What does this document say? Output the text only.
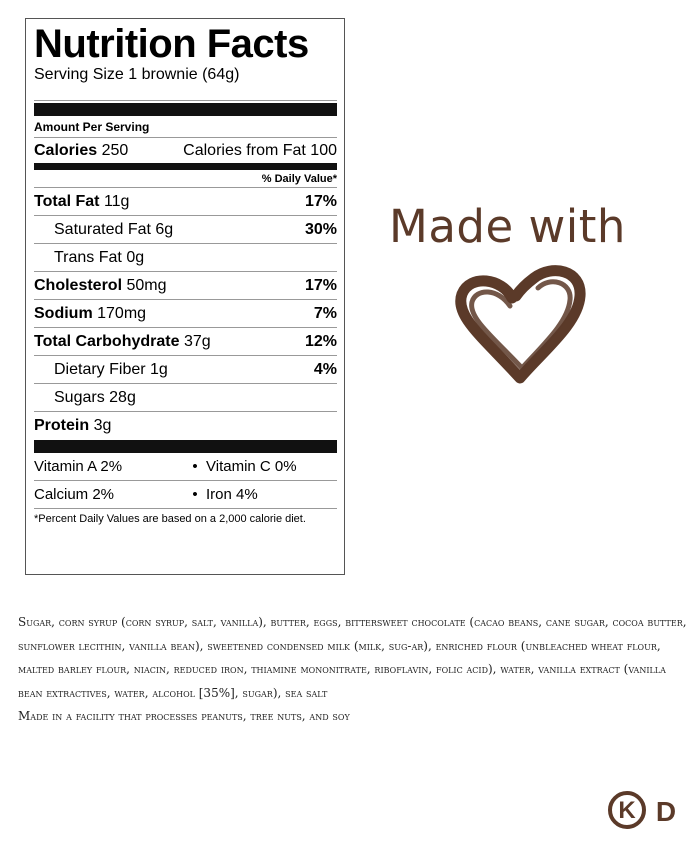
Nutrition Facts
Serving Size 1 brownie (64g)
Amount Per Serving
Calories 250	Calories from Fat 100
% Daily Value*
Total Fat 11g	17%
Saturated Fat 6g	30%
Trans Fat 0g
Cholesterol 50mg	17%
Sodium 170mg	7%
Total Carbohydrate 37g	12%
Dietary Fiber 1g	4%
Sugars 28g
Protein 3g
Vitamin A 2%	• Vitamin C 0%
Calcium 2%	• Iron 4%
*Percent Daily Values are based on a 2,000 calorie diet.
Made with

Sugar, corn syrup (corn syrup, salt, vanilla), butter, eggs, bittersweet chocolate (cacao beans, cane sugar, cocoa butter, sunflower lecithin, vanilla bean), sweetened condensed milk (milk, sug-ar), enriched flour (unbleached wheat flour, malted barley flour, niacin, reduced iron, thiamine mononitrate, riboflavin, folic acid), water, vanilla extract (vanilla bean extractives, water, alcohol [35%], sugar), sea salt

Made in a facility that processes peanuts, tree nuts, and soy

K D
